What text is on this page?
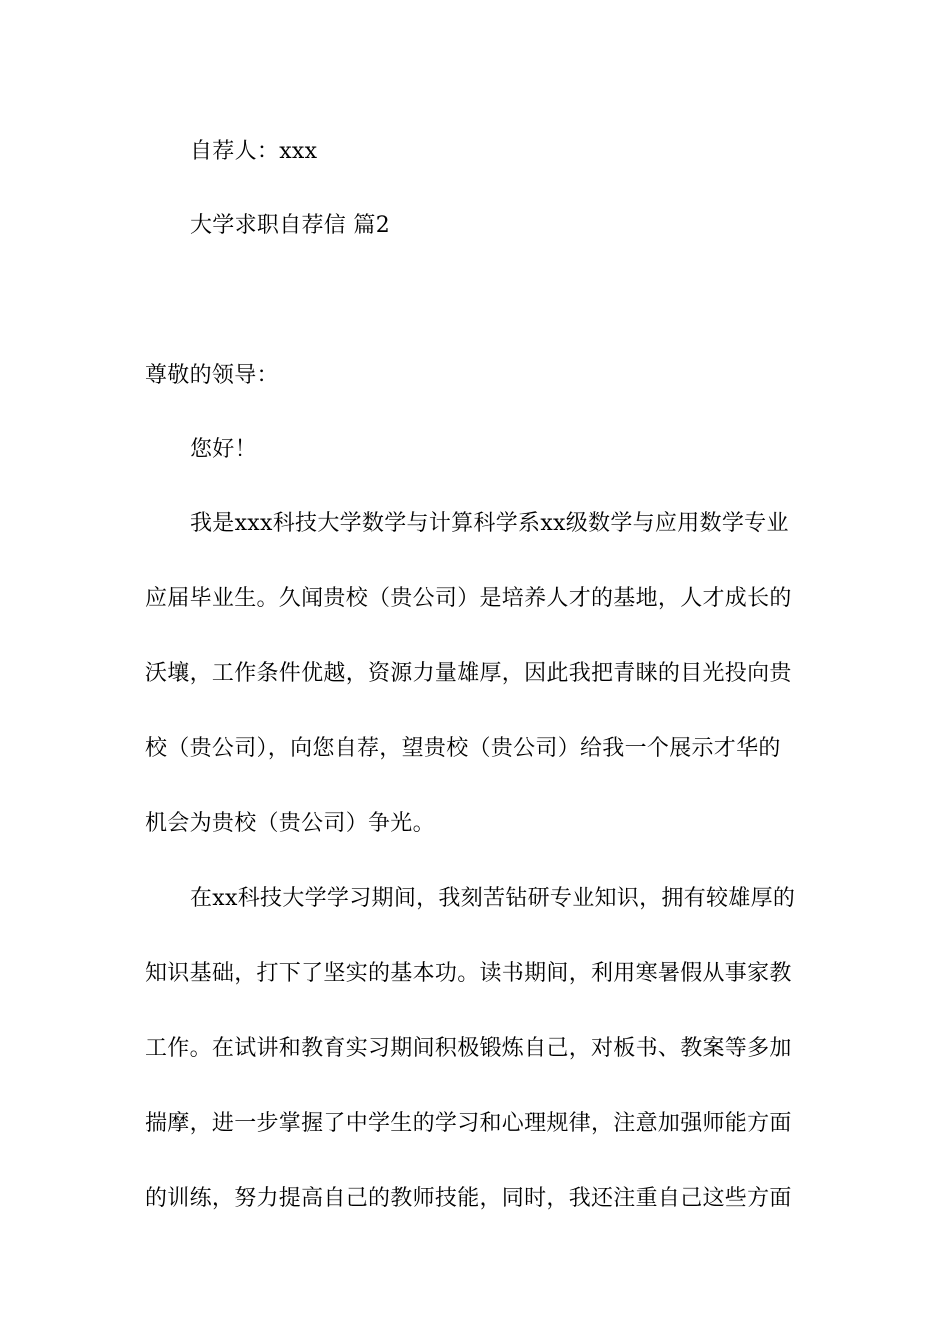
自荐人：xxx
大学求职自荐信 篇2
尊敬的领导：
您好！
我是xxx科技大学数学与计算科学系xx级数学与应用数学专业
应届毕业生。久闻贵校（贵公司）是培养人才的基地，人才成长的
沃壤，工作条件优越，资源力量雄厚，因此我把青睐的目光投向贵
校（贵公司），向您自荐，望贵校（贵公司）给我一个展示才华的
机会为贵校（贵公司）争光。
在xx科技大学学习期间，我刻苦钻研专业知识，拥有较雄厚的
知识基础，打下了坚实的基本功。读书期间，利用寒暑假从事家教
工作。在试讲和教育实习期间积极锻炼自己，对板书、教案等多加
揣摩，进一步掌握了中学生的学习和心理规律，注意加强师能方面
的训练，努力提高自己的教师技能，同时，我还注重自己这些方面
